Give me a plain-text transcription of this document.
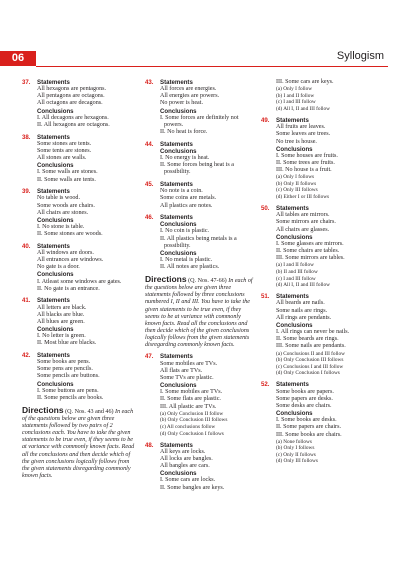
06	Syllogism
37.	Statements
All hexagons are pentagons.
All pentagons are octagons.
All octagons are decagons.
Conclusions
I. All decagons are hexagons.
II. All hexagons are octagons.
38.	Statements
Some stones are tents.
Some tents are stones.
All stones are walls.
Conclusions
I. Some walls are stones.
II. Some walls are tents.
39.	Statements
No table is wood.
Some woods are chairs.
All chairs are stones.
Conclusions
I. No stone is table.
II. Some stones are woods.
40.	Statements
All windows are doors.
All entrances are windows.
No gate is a door.
Conclusions
I. Atleast some windows are gates.
II. No gate is an entrance.
41.	Statements
All letters are black.
All blacks are blue.
All blues are green.
Conclusions
I. No letter is green.
II. Most blue are blacks.
42.	Statements
Some books are pens.
Some pens are pencils.
Some pencils are buttons.
Conclusions
I. Some buttons are pens.
II. Some pencils are books.
Directions (Q. Nos. 43 and 46) In each of the questions below are given three statements followed by two pairs of 2 conclusions each. You have to take the given statements to be true even, if they seems to be at variance with commonly known facts. Read all the conclusions and then decide which of the given conclusions logically follows from the given statements disregarding commonly known facts.
43.	Statements
All forces are energies.
All energies are powers.
No power is heat.
Conclusions
I. Some forces are definitely not powers.
II. No heat is force.
44.	Statements
Conclusions
I. No energy is heat.
II. Some forces being heat is a possibility.
45.	Statements
No note is a coin.
Some coins are metals.
All plastics are notes.
46.	Statements
Conclusions
I. No coin is plastic.
II. All plastics being metals is a possibility.
Conclusions
I. No metal is plastic.
II. All notes are plastics.
Directions (Q. Nos. 47-66) In each of the questions below are given three statements followed by three conclusions numbered I, II and III. You have to take the given statements to be true even, if they seems to be at variance with commonly known facts. Read all the conclusions and then decide which of the given conclusions logically follows from the given statements disregarding commonly known facts.
47.	Statements
Some mobiles are TVs.
All flats are TVs.
Some TVs are plastic.
Conclusions
I. Some mobiles are TVs.
II. Some flats are plastic.
III. All plastic are TVs.
(a) Only Conclusion II follow
(b) Only Conclusion III follows
(c) All conclusions follow
(d) Only Conclusion I follows
48.	Statements
All keys are locks.
All locks are bangles.
All bangles are cars.
Conclusions
I. Some cars are locks.
II. Some bangles are keys.
III. Some cars are keys.
(a) Only I follow
(b) I and II follow
(c) I and III follow
(d) All I, II and III follow
49.	Statements
All fruits are leaves.
Some leaves are trees.
No tree is house.
Conclusions
I. Some houses are fruits.
II. Some trees are fruits.
III. No house is a fruit.
(a) Only I follows
(b) Only II follows
(c) Only III follows
(d) Either I or III follows
50.	Statements
All tables are mirrors.
Some mirrors are chairs.
All chairs are glasses.
Conclusions
I. Some glasses are mirrors.
II. Some chairs are tables.
III. Some mirrors are tables.
(a) I and II follow
(b) II and III follow
(c) I and III follow
(d) All I, II and III follow
51.	Statements
All beards are nails.
Some nails are rings.
All rings are pendants.
Conclusions
I. All rings can never be nails.
II. Some beards are rings.
III. Some nails are pendants.
(a) Conclusions II and III follow
(b) Only Conclusion III follows
(c) Conclusions I and III follow
(d) Only Conclusion I follows
52.	Statements
Some books are papers.
Some papers are desks.
Some desks are chairs.
Conclusions
I. Some books are desks.
II. Some papers are chairs.
III. Some books are chairs.
(a) None follows
(b) Only I follows
(c) Only II follows
(d) Only III follows
